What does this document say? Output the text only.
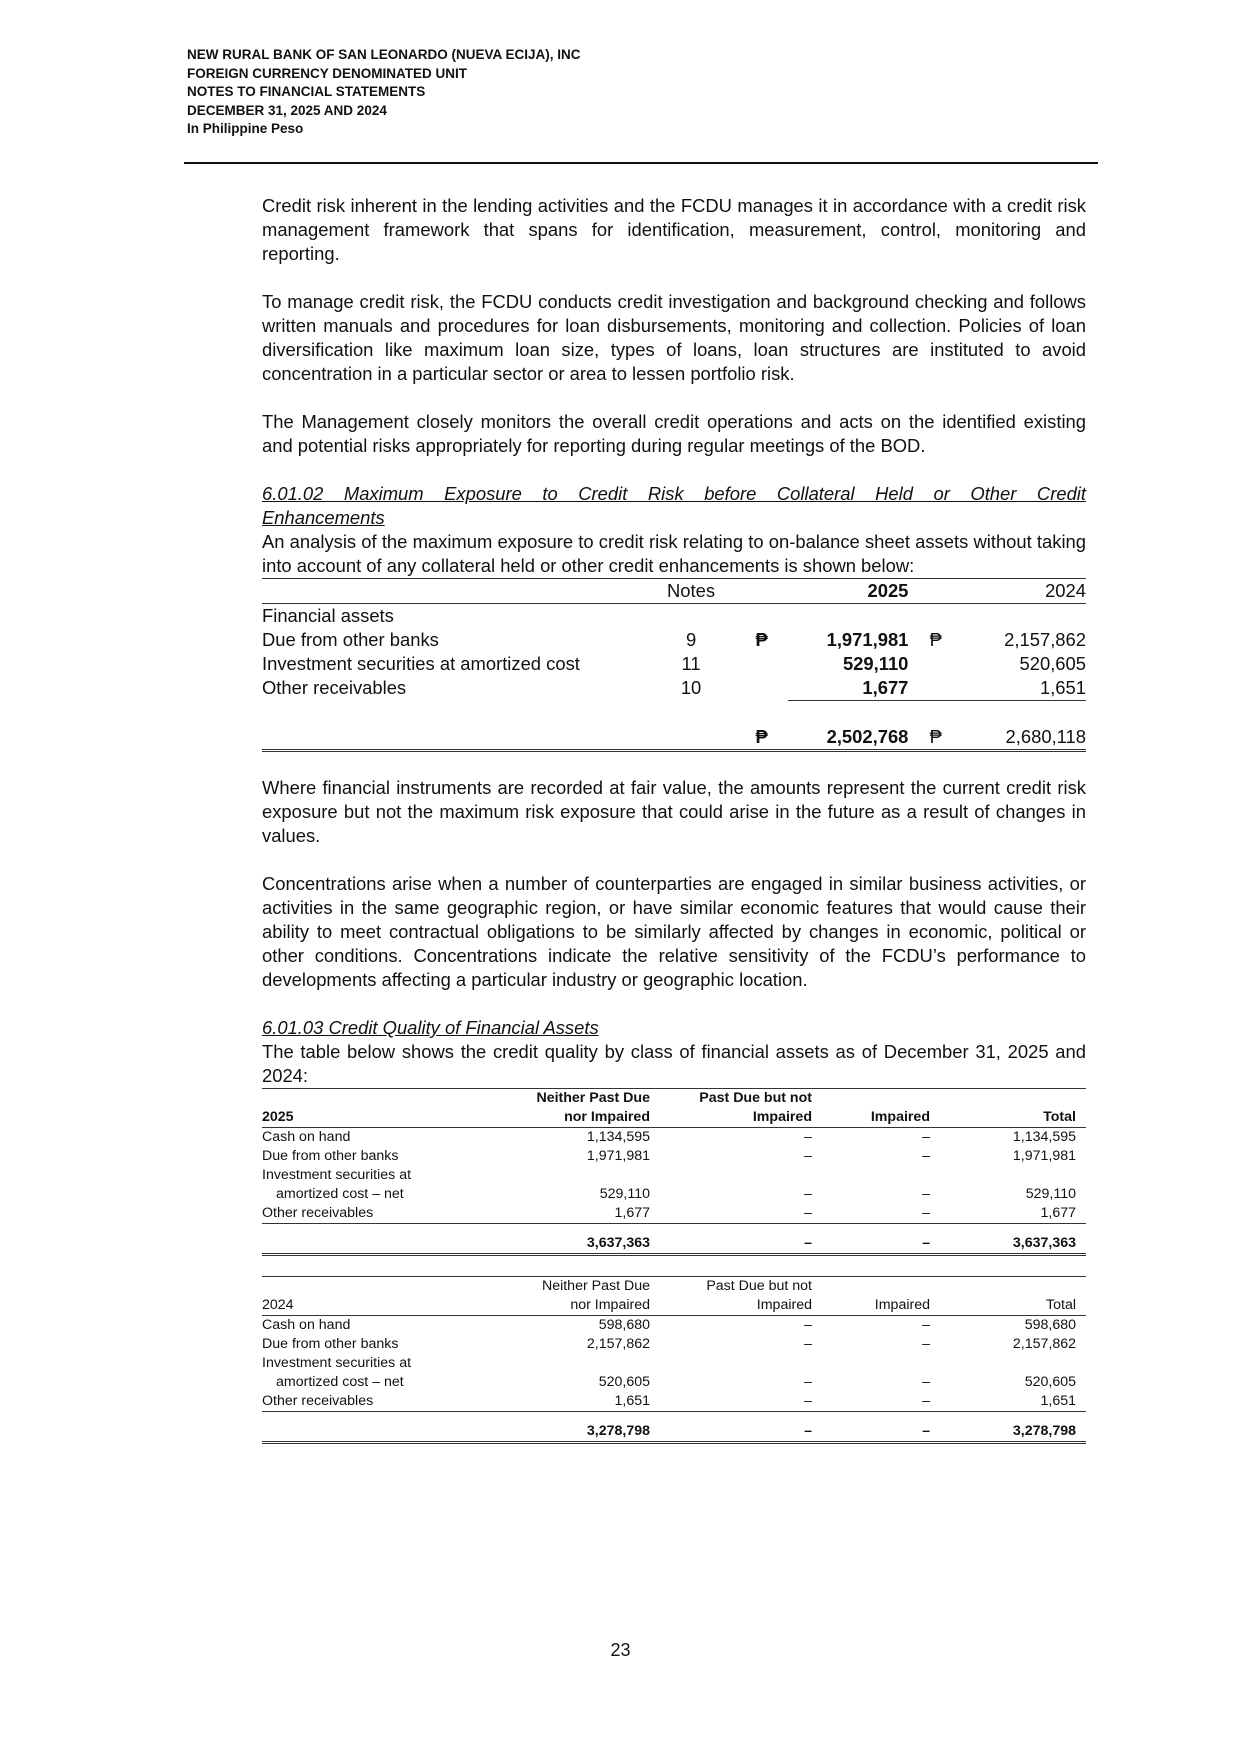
NEW RURAL BANK OF SAN LEONARDO (NUEVA ECIJA), INC
FOREIGN CURRENCY DENOMINATED UNIT
NOTES TO FINANCIAL STATEMENTS
DECEMBER 31, 2025 AND 2024
In Philippine Peso

Credit risk inherent in the lending activities and the FCDU manages it in accordance with a credit risk management framework that spans for identification, measurement, control, monitoring and reporting.

To manage credit risk, the FCDU conducts credit investigation and background checking and follows written manuals and procedures for loan disbursements, monitoring and collection. Policies of loan diversification like maximum loan size, types of loans, loan structures are instituted to avoid concentration in a particular sector or area to lessen portfolio risk.

The Management closely monitors the overall credit operations and acts on the identified existing and potential risks appropriately for reporting during regular meetings of the BOD.

6.01.02 Maximum Exposure to Credit Risk before Collateral Held or Other Credit

Enhancements

An analysis of the maximum exposure to credit risk relating to on-balance sheet assets without taking into account of any collateral held or other credit enhancements is shown below:

	Notes		2025		2024
Financial assets					
Due from other banks	9	₱	1,971,981	₱	2,157,862
Investment securities at amortized cost	11		529,110		520,605
Other receivables	10		1,677		1,651

		₱	2,502,768	₱	2,680,118

Where financial instruments are recorded at fair value, the amounts represent the current credit risk exposure but not the maximum risk exposure that could arise in the future as a result of changes in values.

Concentrations arise when a number of counterparties are engaged in similar business activities, or activities in the same geographic region, or have similar economic features that would cause their ability to meet contractual obligations to be similarly affected by changes in economic, political or other conditions. Concentrations indicate the relative sensitivity of the FCDU’s performance to developments affecting a particular industry or geographic location.

6.01.03 Credit Quality of Financial Assets

The table below shows the credit quality by class of financial assets as of December 31, 2025 and 2024:

	Neither Past Due	Past Due but not		
2025	nor Impaired	Impaired	Impaired	Total
Cash on hand	1,134,595	–	–	1,134,595
Due from other banks	1,971,981	–	–	1,971,981
Investment securities at				
amortized cost – net	529,110	–	–	529,110
Other receivables	1,677	–	–	1,677

	3,637,363	–	–	3,637,363
	Neither Past Due	Past Due but not		
2024	nor Impaired	Impaired	Impaired	Total
Cash on hand	598,680	–	–	598,680
Due from other banks	2,157,862	–	–	2,157,862
Investment securities at				
amortized cost – net	520,605	–	–	520,605
Other receivables	1,651	–	–	1,651

	3,278,798	–	–	3,278,798
23
